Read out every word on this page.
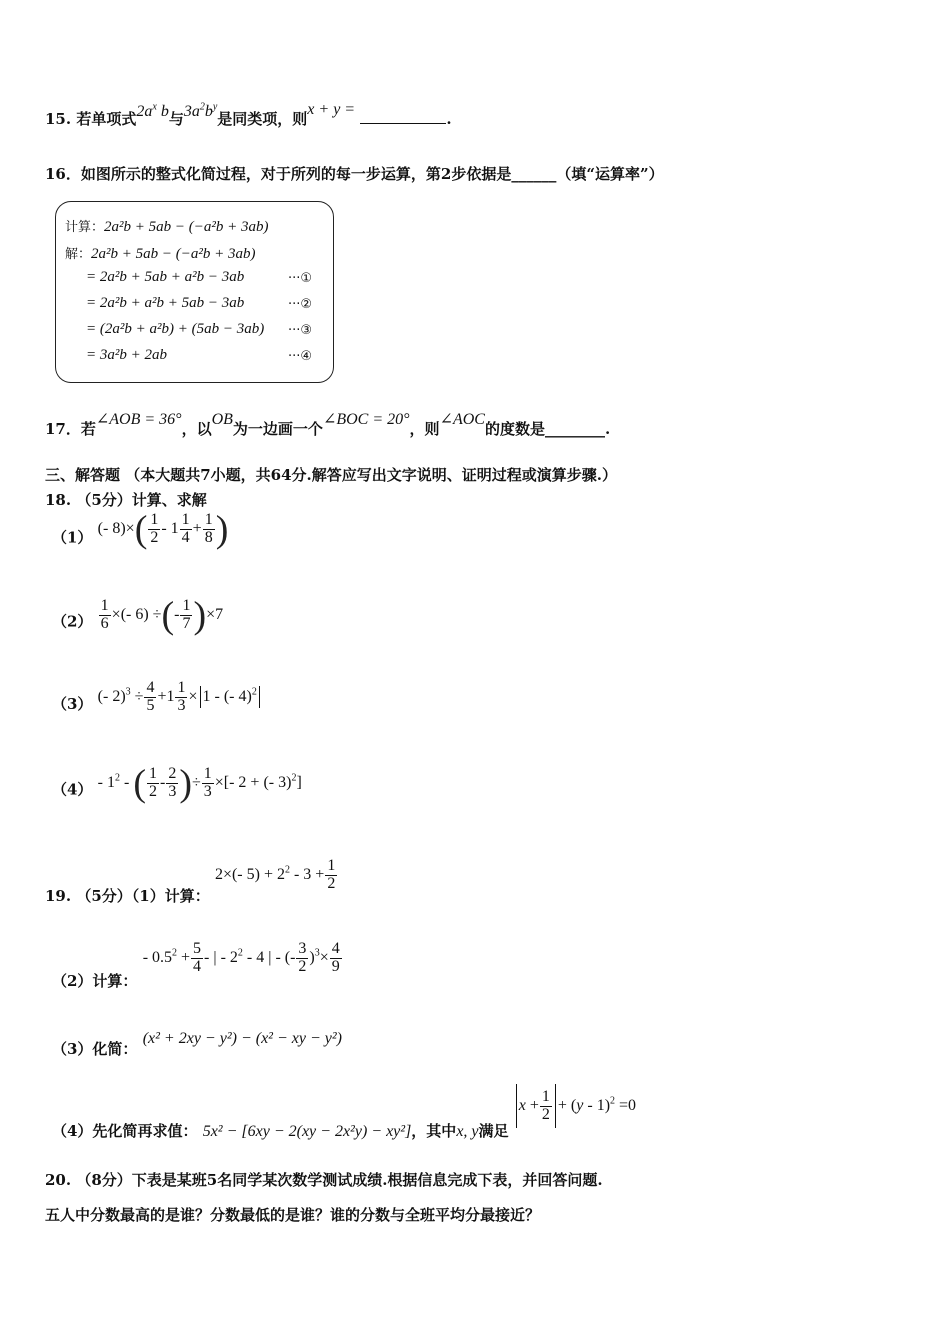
15. 若单项式$2a^x$ b与$3a^2b^y$是同类项，则x + y = .
16．如图所示的整式化简过程，对于所列的每一步运算，第2步依据是______（填“运算率”）
计算：2a²b + 5ab − (−a²b + 3ab)
解：2a²b + 5ab − (−a²b + 3ab)
= 2a²b + 5ab + a²b − 3ab
= 2a²b + a²b + 5ab − 3ab
= (2a²b + a²b) + (5ab − 3ab)
= 3a²b + 2ab
···①
···②
···③
···④
17．若∠AOB = 36°，以OB为一边画一个∠BOC = 20°，则∠AOC的度数是________.
三、解答题 （本大题共7小题，共64分.解答应写出文字说明、证明过程或演算步骤.）
18. （5分）计算、求解
（1） (- $8)\times( \frac{1}{2} - 1 \frac{1}{4} + \frac{1}{8}$ )
$(2) \frac{1}{6}$ ×(- 6) ÷(- $\frac{1}{7} )\times 7$
（3） (- $2)^3 \div \frac{4}{5} +1 \frac{1}{3} \times 1$ - (- 4)$^2$
$(4) - 1^2$ - ( $\frac{1}{2} - \frac{2}{3}$ )÷ $\frac{1}{3}$ ×[- 2 + (- 3)$^2$]
19. （5分）（1）计算： 2×(- $5) + 2^2 - 3 + \frac{1}{2}$
（2）计算： - $0.5^2 + \frac{5}{4}$ - | - $2^2 - 4$ | - (- $\frac{3}{2} )^3\times \frac{4}{9}$
（3）化简： (x² + 2xy − y²) − (x² − xy − y²)
（4）先化简再求值： 5x² − [6xy − 2(xy − 2x²y) − xy²]，其中x, y满足 $x + \frac{1}{2} + (y - 1)^2 =0$
20. （8分）下表是某班5名同学某次数学测试成绩.根据信息完成下表，并回答问题.
五人中分数最高的是谁？分数最低的是谁？谁的分数与全班平均分最接近？
